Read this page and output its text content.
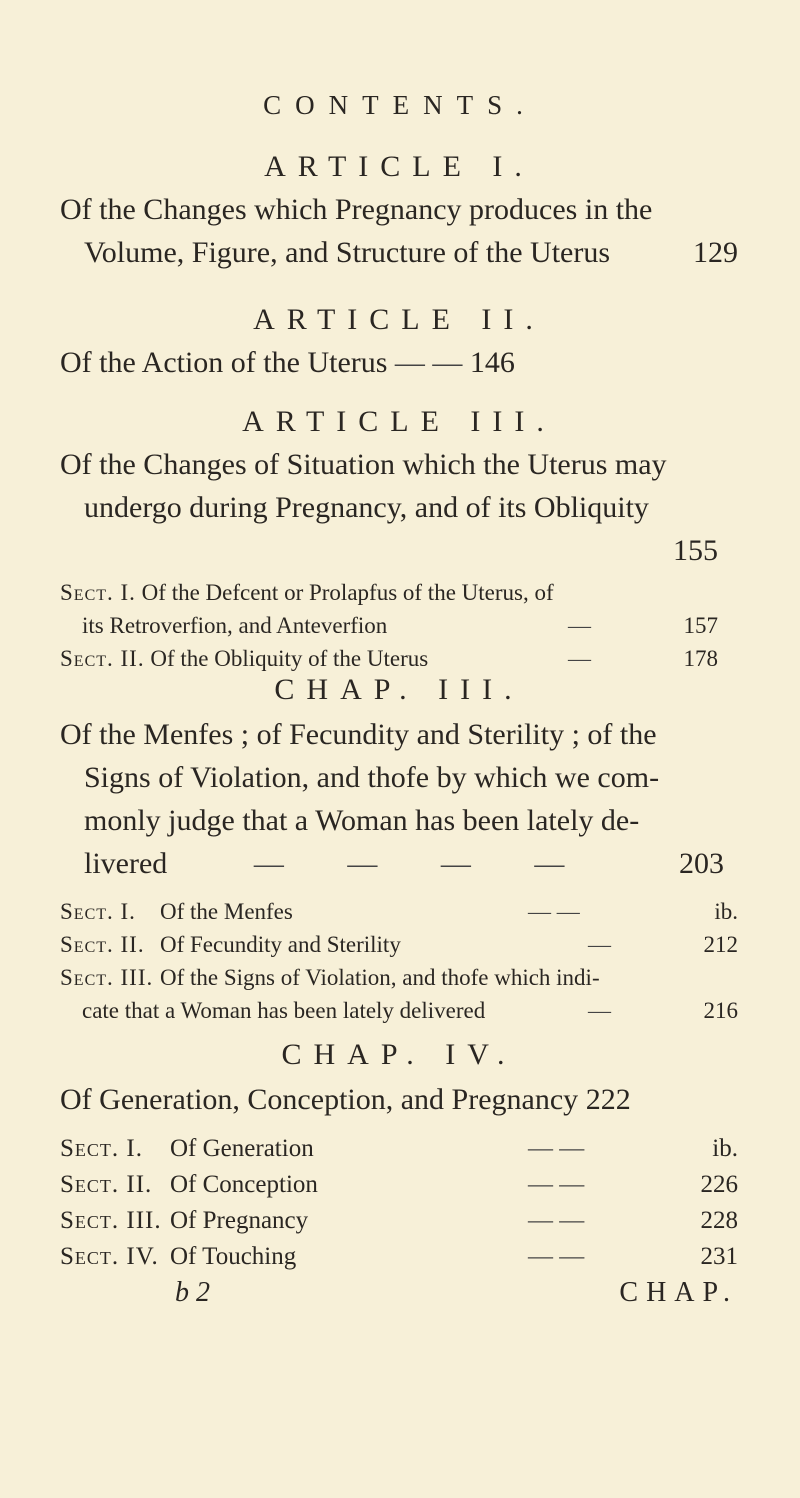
CONTENTS.

ARTICLE I.

Of the Changes which Pregnancy produces in the
Volume, Figure, and Structure of the Uterus	129

ARTICLE II.

Of the Action of the Uterus — — 146

ARTICLE III.

Of the Changes of Situation which the Uterus may
undergo during Pregnancy, and of its Obliquity
155
Sect. I. Of the Defcent or Prolapfus of the Uterus, of
its Retroverfion, and Anteverfion	—	157
Sect. II. Of the Obliquity of the Uterus	—	178

CHAP. III.

Of the Menfes ; of Fecundity and Sterility ; of the
Signs of Violation, and thofe by which we com-
monly judge that a Woman has been lately de-
livered	— — — —	203
Sect. I.	Of the Menfes	— —	ib.
Sect. II. Of Fecundity and Sterility	—	212
Sect. III. Of the Signs of Violation, and thofe which indi-
cate that a Woman has been lately delivered	—	216

CHAP. IV.

Of Generation, Conception, and Pregnancy 222
Sect. I.	Of Generation	— —	ib.
Sect. II. Of Conception	— —	226
Sect. III. Of Pregnancy	— —	228
Sect. IV. Of Touching	— —	231
b 2	CHAP.
